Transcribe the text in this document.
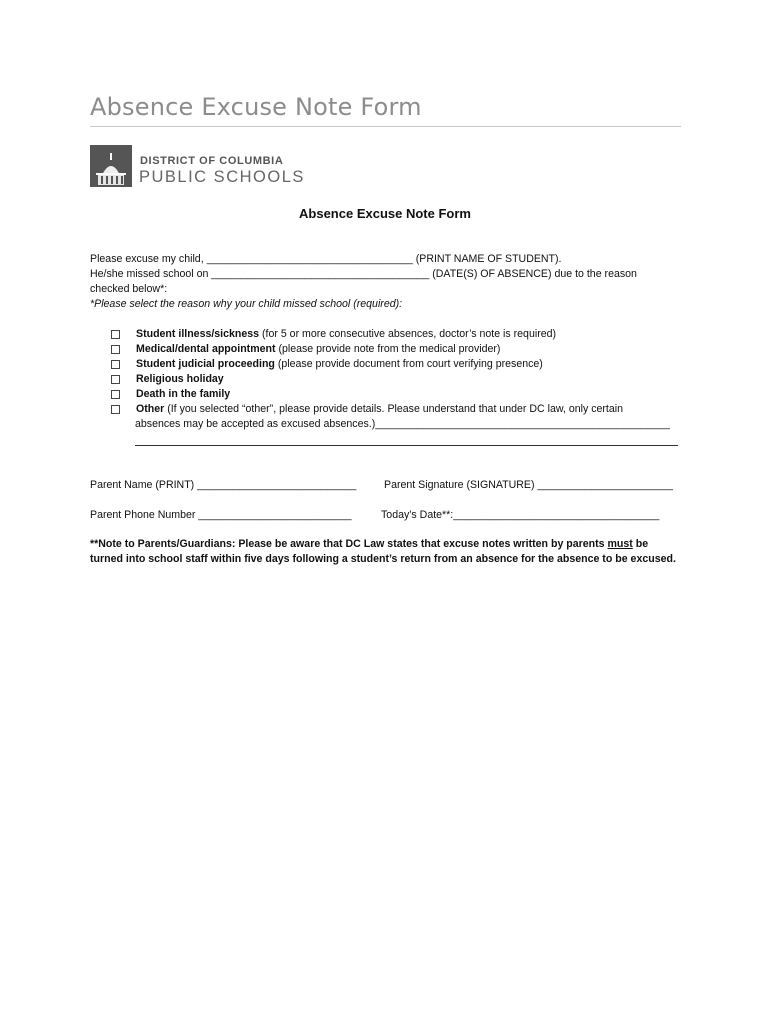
Absence Excuse Note Form
DISTRICT OF COLUMBIA
PUBLIC SCHOOLS
Absence Excuse Note Form
Please excuse my child, ___________________________________ (PRINT NAME OF STUDENT).
He/she missed school on _____________________________________ (DATE(S) OF ABSENCE) due to the reason
checked below*:
*Please select the reason why your child missed school (required):
Student illness/sickness (for 5 or more consecutive absences, doctor’s note is required)
Medical/dental appointment (please provide note from the medical provider)
Student judicial proceeding (please provide document from court verifying presence)
Religious holiday
Death in the family
Other (If you selected “other”, please provide details. Please understand that under DC law, only certain
absences may be accepted as excused absences.)__________________________________________________
Parent Name (PRINT) ___________________________	Parent Signature (SIGNATURE) _______________________
Parent Phone Number __________________________	Today’s Date**:___________________________________
**Note to Parents/Guardians: Please be aware that DC Law states that excuse notes written by parents must be
turned into school staff within five days following a student’s return from an absence for the absence to be excused.
